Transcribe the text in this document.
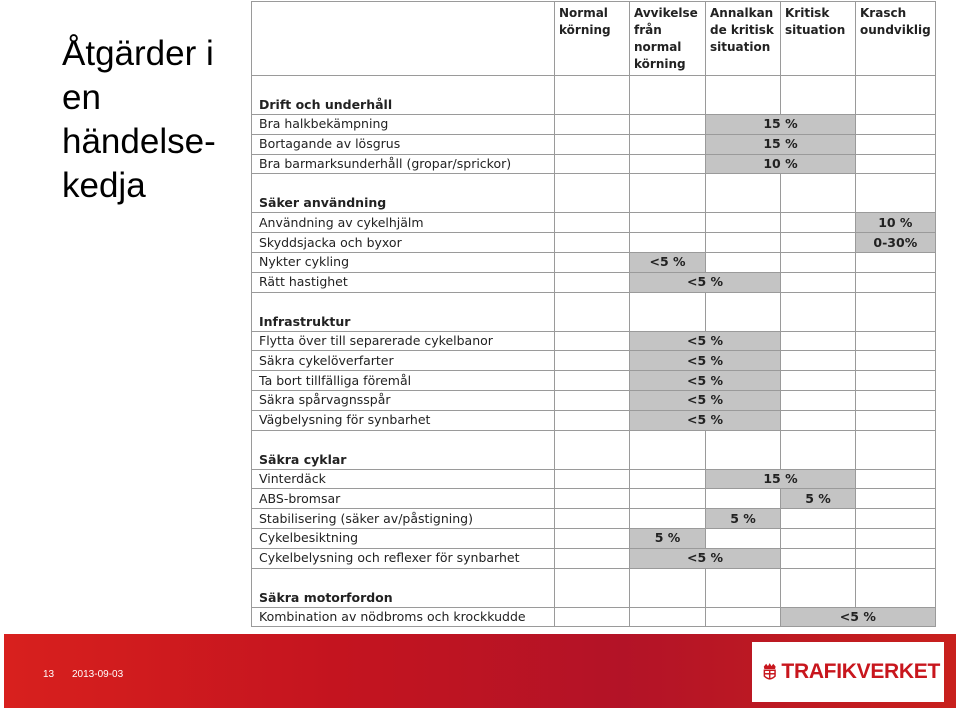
Åtgärder i
en
händelse-
kedja
	Normal körning	Avvikelse från normal körning	Annalkan de kritisk situation	Kritisk situation	Krasch oundviklig
Drift och underhåll					
Bra halkbekämpning			15 %		
Bortagande av lösgrus			15 %		
Bra barmarksunderhåll (gropar/sprickor)			10 %		
Säker användning					
Användning av cykelhjälm					10 %
Skyddsjacka och byxor					0-30%
Nykter cykling		<5 %			
Rätt hastighet		<5 %			
Infrastruktur					
Flytta över till separerade cykelbanor		<5 %			
Säkra cykelöverfarter		<5 %			
Ta bort tillfälliga föremål		<5 %			
Säkra spårvagnsspår		<5 %			
Vägbelysning för synbarhet		<5 %			
Säkra cyklar					
Vinterdäck			15 %		
ABS-bromsar				5 %	
Stabilisering (säker av/påstigning)			5 %		
Cykelbesiktning		5 %			
Cykelbelysning och reflexer för synbarhet		<5 %			
Säkra motorfordon					
Kombination av nödbroms och krockkudde				<5 %	
13 2013-09-03	TRAFIKVERKET
